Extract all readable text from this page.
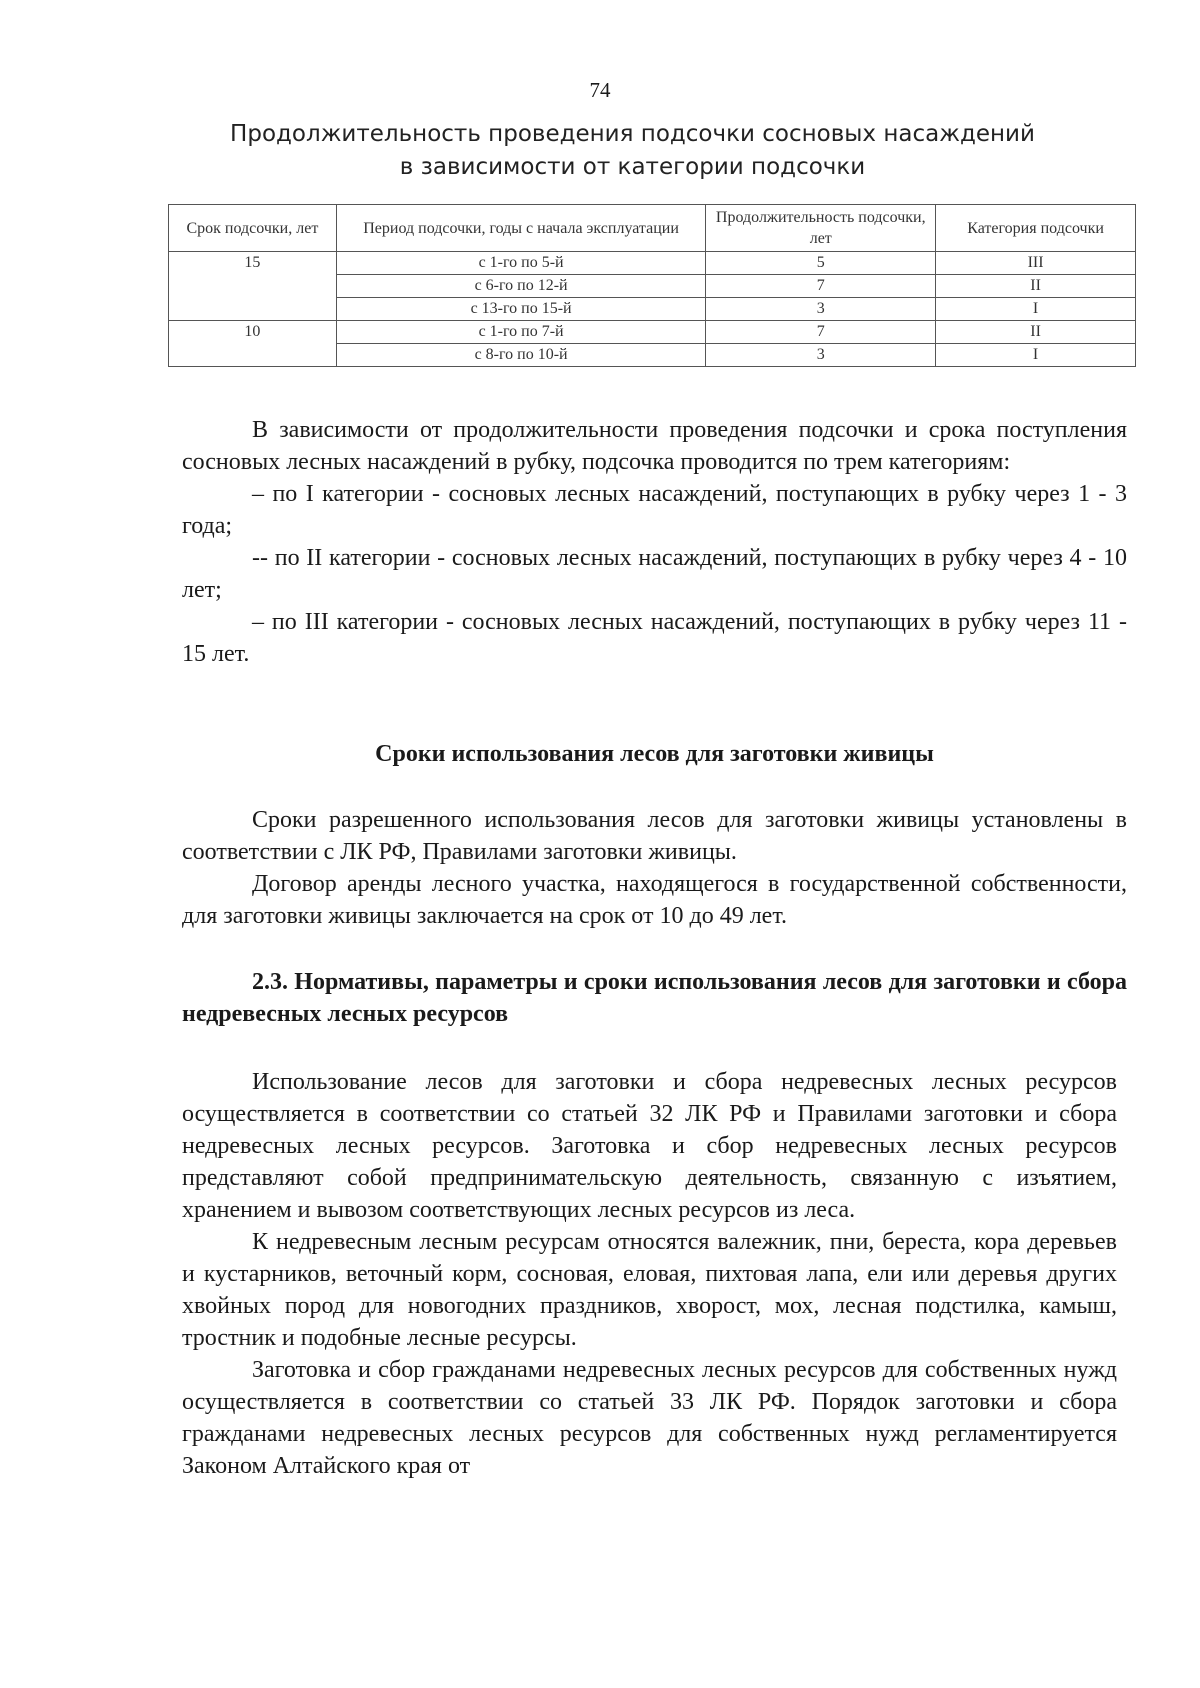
74
Продолжительность проведения подсочки сосновых насаждений
в зависимости от категории подсочки
Срок подсочки, лет	Период подсочки, годы с начала эксплуатации	Продолжительность подсочки, лет	Категория подсочки
15	с 1-го по 5-й	5	III
	с 6-го по 12-й	7	II
	с 13-го по 15-й	3	I
10	с 1-го по 7-й	7	II
	с 8-го по 10-й	3	I

В зависимости от продолжительности проведения подсочки и срока поступления сосновых лесных насаждений в рубку, подсочка проводится по трем категориям:

– по I категории - сосновых лесных насаждений, поступающих в рубку через 1 - 3 года;

-- по II категории - сосновых лесных насаждений, поступающих в рубку через 4 - 10 лет;

– по III категории - сосновых лесных насаждений, поступающих в рубку через 11 - 15 лет.

Сроки использования лесов для заготовки живицы

Сроки разрешенного использования лесов для заготовки живицы установлены в соответствии с ЛК РФ, Правилами заготовки живицы.

Договор аренды лесного участка, находящегося в государственной собственности, для заготовки живицы заключается на срок от 10 до 49 лет.

2.3. Нормативы, параметры и сроки использования лесов для заготовки и сбора недревесных лесных ресурсов

Использование лесов для заготовки и сбора недревесных лесных ресурсов осуществляется в соответствии со статьей 32 ЛК РФ и Правилами заготовки и сбора недревесных лесных ресурсов. Заготовка и сбор недревесных лесных ресурсов представляют собой предпринимательскую деятельность, связанную с изъятием, хранением и вывозом соответствующих лесных ресурсов из леса.

К недревесным лесным ресурсам относятся валежник, пни, береста, кора деревьев и кустарников, веточный корм, сосновая, еловая, пихтовая лапа, ели или деревья других хвойных пород для новогодних праздников, хворост, мох, лесная подстилка, камыш, тростник и подобные лесные ресурсы.

Заготовка и сбор гражданами недревесных лесных ресурсов для собственных нужд осуществляется в соответствии со статьей 33 ЛК РФ. Порядок заготовки и сбора гражданами недревесных лесных ресурсов для собственных нужд регламентируется Законом Алтайского края от
